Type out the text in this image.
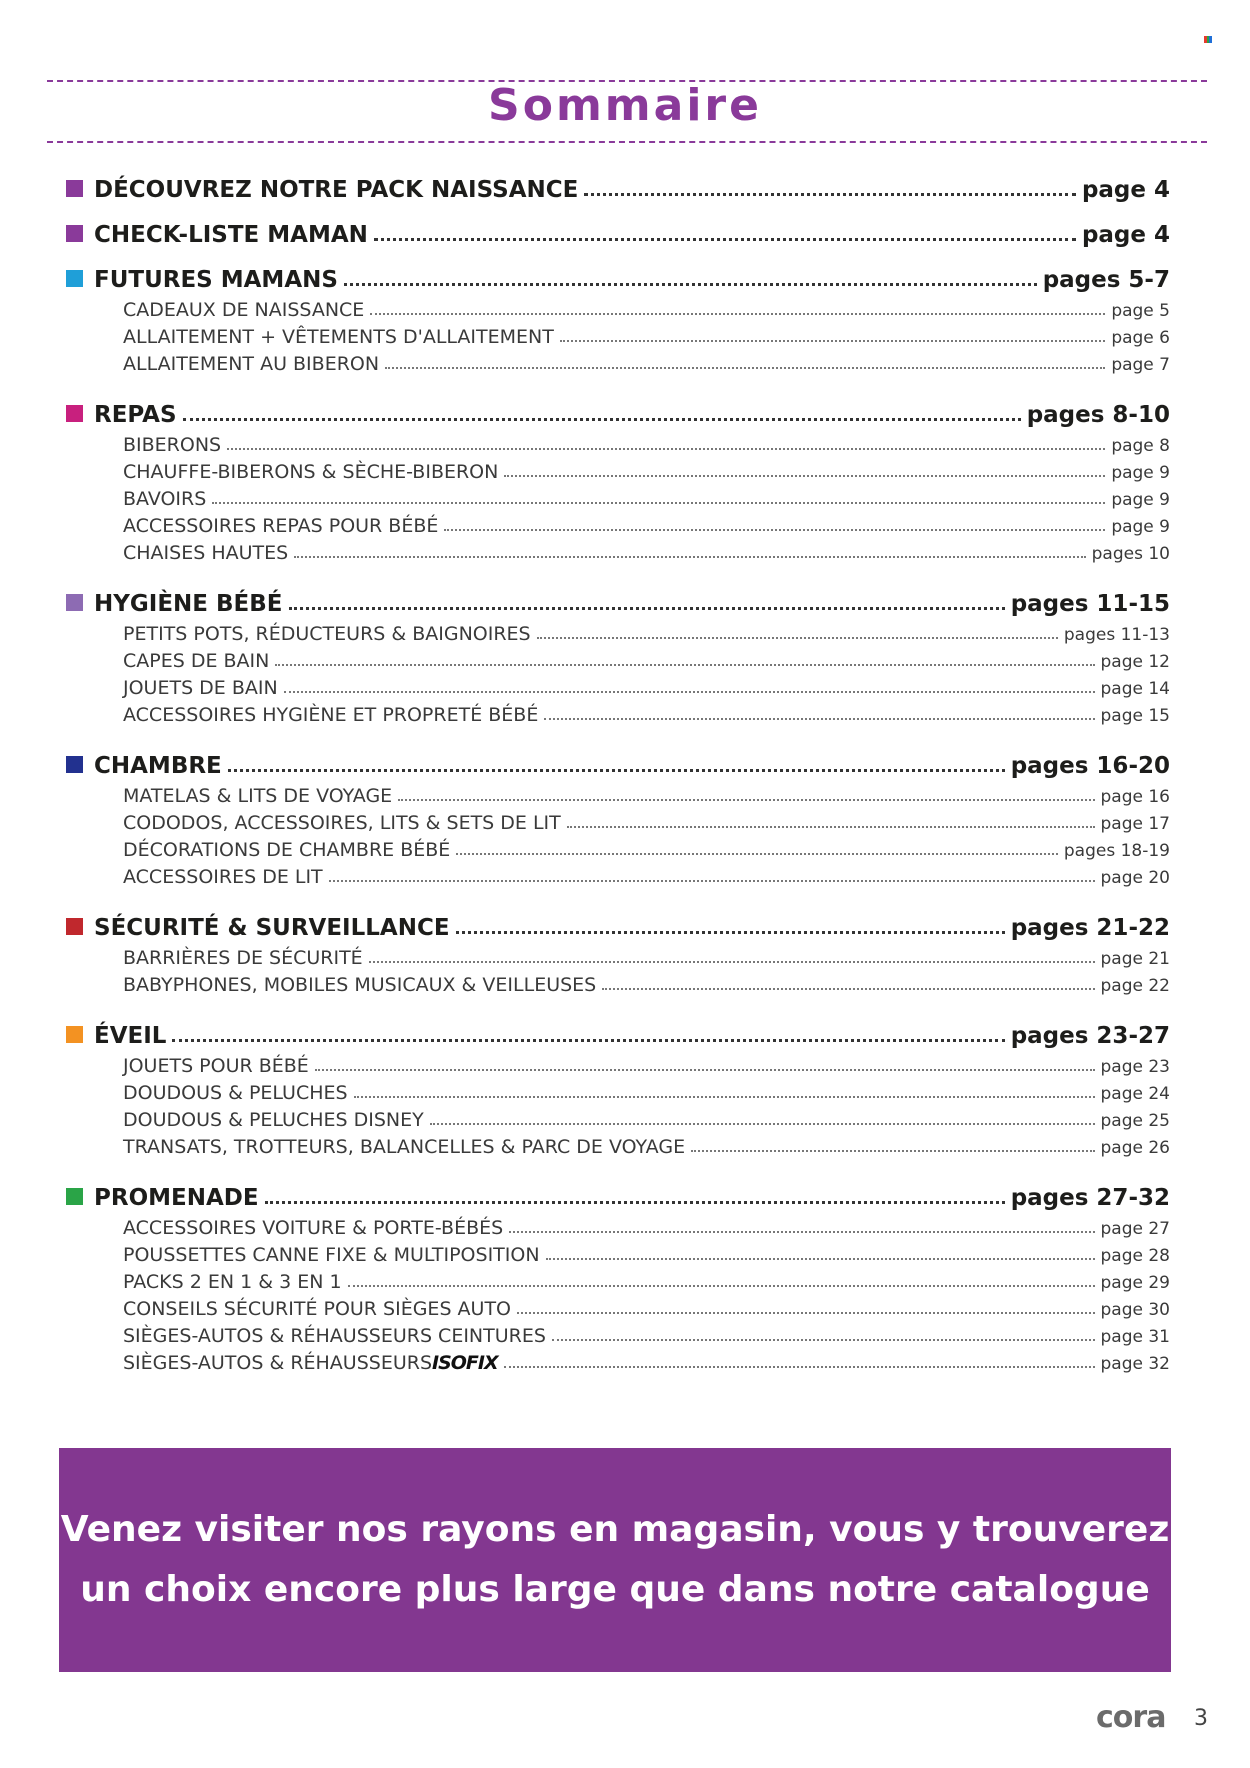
Sommaire
DÉCOUVREZ NOTRE PACK NAISSANCE	page 4
CHECK-LISTE MAMAN	page 4
FUTURES MAMANS	pages 5-7
CADEAUX DE NAISSANCE	page 5
ALLAITEMENT + VÊTEMENTS D'ALLAITEMENT	page 6
ALLAITEMENT AU BIBERON	page 7
REPAS	pages 8-10
BIBERONS	page 8
CHAUFFE-BIBERONS & SÈCHE-BIBERON	page 9
BAVOIRS	page 9
ACCESSOIRES REPAS POUR BÉBÉ	page 9
CHAISES HAUTES	pages 10
HYGIÈNE BÉBÉ	pages 11-15
PETITS POTS, RÉDUCTEURS & BAIGNOIRES	pages 11-13
CAPES DE BAIN	page 12
JOUETS DE BAIN	page 14
ACCESSOIRES HYGIÈNE ET PROPRETÉ BÉBÉ	page 15
CHAMBRE	pages 16-20
MATELAS & LITS DE VOYAGE	page 16
CODODOS, ACCESSOIRES, LITS & SETS DE LIT	page 17
DÉCORATIONS DE CHAMBRE BÉBÉ	pages 18-19
ACCESSOIRES DE LIT	page 20
SÉCURITÉ & SURVEILLANCE	pages 21-22
BARRIÈRES DE SÉCURITÉ	page 21
BABYPHONES, MOBILES MUSICAUX & VEILLEUSES	page 22
ÉVEIL	pages 23-27
JOUETS POUR BÉBÉ	page 23
DOUDOUS & PELUCHES	page 24
DOUDOUS & PELUCHES DISNEY	page 25
TRANSATS, TROTTEURS, BALANCELLES & PARC DE VOYAGE	page 26
PROMENADE	pages 27-32
ACCESSOIRES VOITURE & PORTE-BÉBÉS	page 27
POUSSETTES CANNE FIXE & MULTIPOSITION	page 28
PACKS 2 EN 1 & 3 EN 1	page 29
CONSEILS SÉCURITÉ POUR SIÈGES AUTO	page 30
SIÈGES-AUTOS & RÉHAUSSEURS CEINTURES	page 31
SIÈGES-AUTOS & RÉHAUSSEURS ISOFIX	page 32
Venez visiter nos rayons en magasin, vous y trouverez
un choix encore plus large que dans notre catalogue
cora 3
